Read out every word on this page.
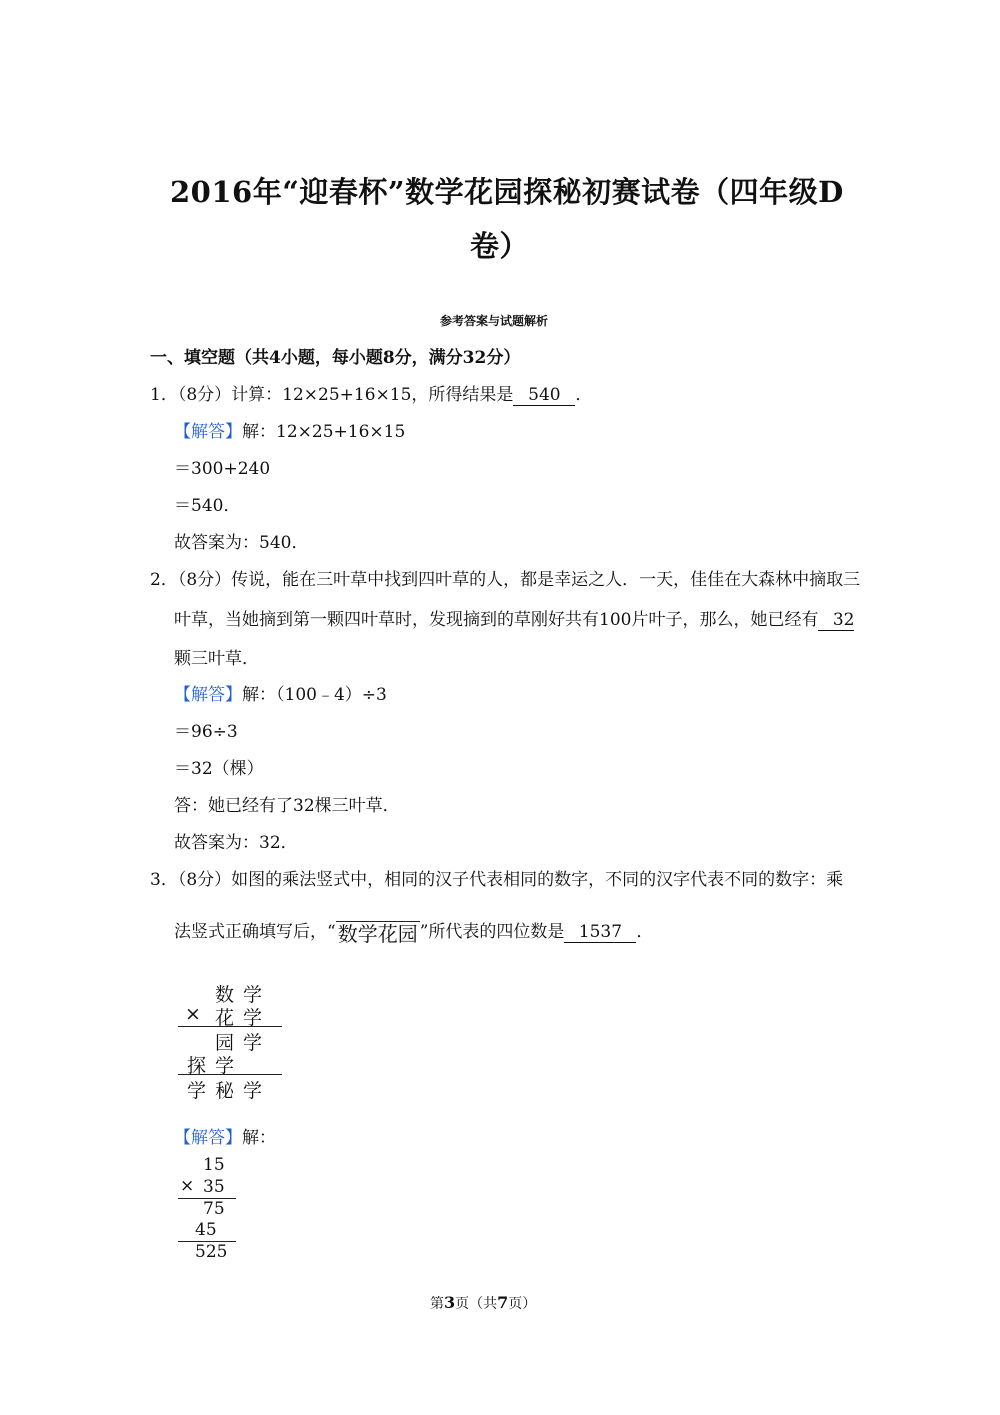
2016年“迎春杯”数学花园探秘初赛试卷（四年级D
卷）
参考答案与试题解析
一、填空题（共4小题，每小题8分，满分32分）
1．（8分）计算：12×25+16×15，所得结果是 540 ．
【解答】解：12×25+16×15
＝300+240
＝540．
故答案为：540．
2．（8分）传说，能在三叶草中找到四叶草的人，都是幸运之人．一天，佳佳在大森林中摘取三
叶草，当她摘到第一颗四叶草时，发现摘到的草刚好共有100片叶子，那么，她已经有 32
颗三叶草．
【解答】解：（100﹣4）÷3
＝96÷3
＝32（棵）
答：她已经有了32棵三叶草．
故答案为：32．
3．（8分）如图的乘法竖式中，相同的汉子代表相同的数字，不同的汉字代表不同的数字：乘
法竖式正确填写后，“ 数学花园 ”所代表的四位数是 1537 ．
数 学
× 花 学
园 学
探 学
学 秘 学
【解答】解：
15
× 35
75
45
525
第3页（共7页）
